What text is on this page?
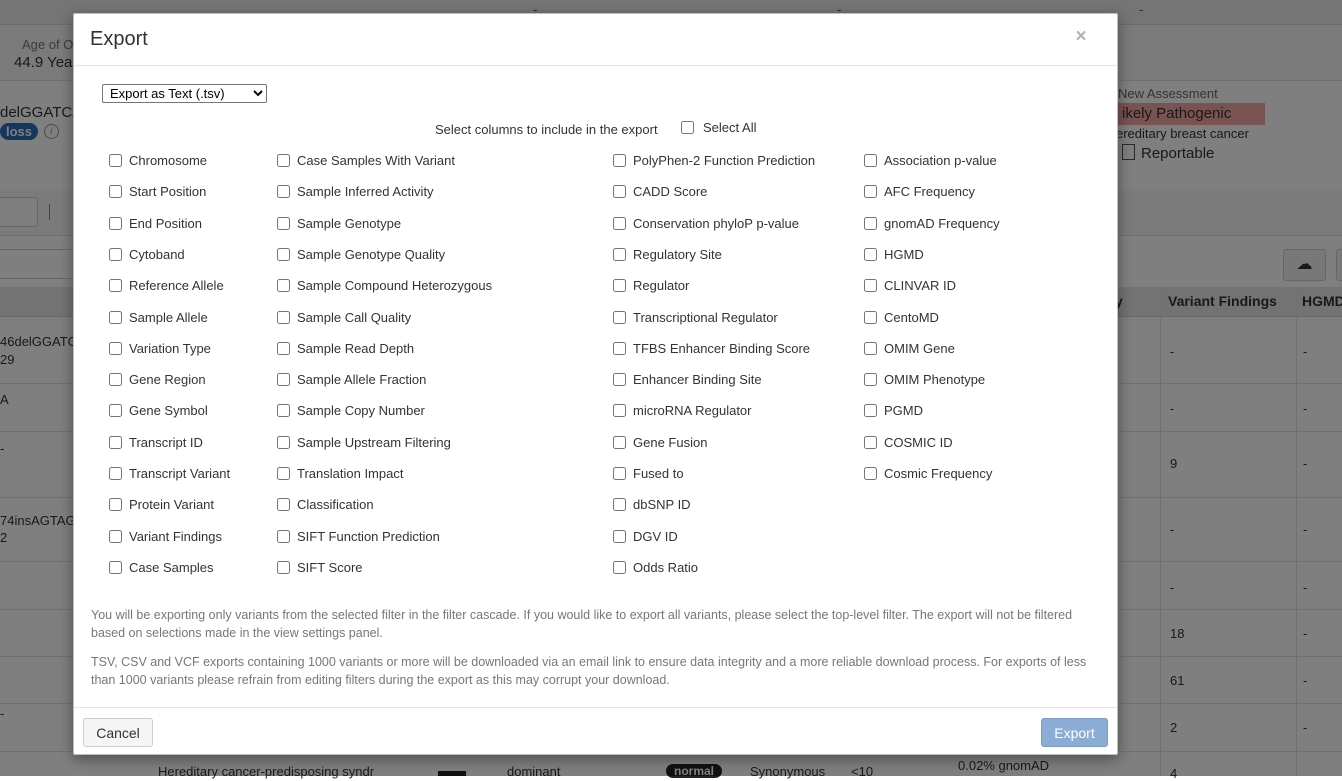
Export	×
Export as Text (.tsv)
Select columns to include in the export	Select All
Chromosome
Start Position
End Position
Cytoband
Reference Allele
Sample Allele
Variation Type
Gene Region
Gene Symbol
Transcript ID
Transcript Variant
Protein Variant
Variant Findings
Case Samples
Case Samples With Variant
Sample Inferred Activity
Sample Genotype
Sample Genotype Quality
Sample Compound Heterozygous
Sample Call Quality
Sample Read Depth
Sample Allele Fraction
Sample Copy Number
Sample Upstream Filtering
Translation Impact
Classification
SIFT Function Prediction
SIFT Score
PolyPhen-2 Function Prediction
CADD Score
Conservation phyloP p-value
Regulatory Site
Regulator
Transcriptional Regulator
TFBS Enhancer Binding Score
Enhancer Binding Site
microRNA Regulator
Gene Fusion
Fused to
dbSNP ID
DGV ID
Odds Ratio
Association p-value
AFC Frequency
gnomAD Frequency
HGMD
CLINVAR ID
CentoMD
OMIM Gene
OMIM Phenotype
PGMD
COSMIC ID
Cosmic Frequency

You will be exporting only variants from the selected filter in the filter cascade. If you would like to export all variants, please select the top-level filter. The export will not be filtered based on selections made in the view settings panel.

TSV, CSV and VCF exports containing 1000 variants or more will be downloaded via an email link to ensure data integrity and a more reliable download process. For exports of less than 1000 variants please refrain from editing filters during the export as this may corrupt your download.

Cancel	Export
